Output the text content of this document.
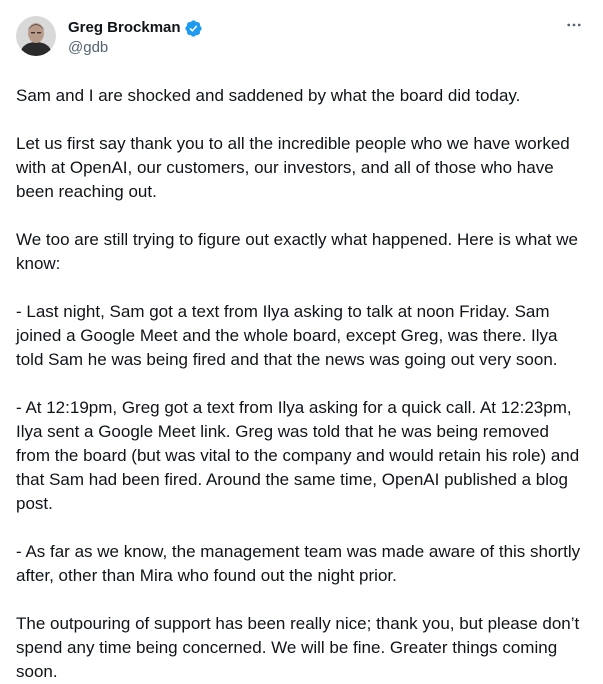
Greg Brockman
@gdb

Sam and I are shocked and saddened by what the board did today.

Let us first say thank you to all the incredible people who we have worked with at OpenAI, our customers, our investors, and all of those who have been reaching out.

We too are still trying to figure out exactly what happened. Here is what we know:

- Last night, Sam got a text from Ilya asking to talk at noon Friday. Sam joined a Google Meet and the whole board, except Greg, was there. Ilya told Sam he was being fired and that the news was going out very soon.

- At 12:19pm, Greg got a text from Ilya asking for a quick call. At 12:23pm, Ilya sent a Google Meet link. Greg was told that he was being removed from the board (but was vital to the company and would retain his role) and that Sam had been fired. Around the same time, OpenAI published a blog post.

- As far as we know, the management team was made aware of this shortly after, other than Mira who found out the night prior.

The outpouring of support has been really nice; thank you, but please don’t spend any time being concerned. We will be fine. Greater things coming soon.
